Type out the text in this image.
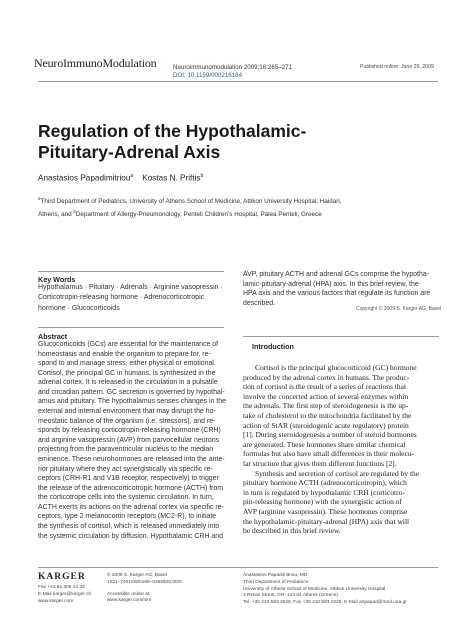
NeuroImmunoModulation	Neuroimmunomodulation 2009;16:265–271
DOI: 10.1159/000216184
Published online: June 29, 2009
Regulation of the Hypothalamic-
Pituitary-Adrenal Axis
Anastasios Papadimitriou$^a$ Kostas N. Priftis$^b$
$^a$Third Department of Pediatrics, University of Athens School of Medicine, Attikon University Hospital, Haidari,
Athens, and $^b$Department of Allergy-Pneumonology, Penteli Children’s Hospital, Palea Penteli, Greece
Key Words
Hypothalamus · Pituitary · Adrenals · Arginine vasopressin ·
Corticotropin-releasing hormone · Adrenocorticotropic
hormone · Glucocorticoids
Abstract
Glucocorticoids (GCs) are essential for the maintenance of
homeostasis and enable the organism to prepare for, re-
spond to and manage stress, either physical or emotional.
Cortisol, the principal GC in humans, is synthesized in the
adrenal cortex. It is released in the circulation in a pulsatile
and circadian pattern. GC secretion is governed by hypothal-
amus and pituitary. The hypothalamus senses changes in the
external and internal environment that may disrupt the ho-
meostatic balance of the organism (i.e. stressors), and re-
sponds by releasing corticotropin-releasing hormone (CRH)
and arginine vasopressin (AVP) from parvocellular neurons
projecting from the paraventricular nucleus to the median
eminence. These neurohormones are released into the ante-
rior pituitary where they act synergistically via specific re-
ceptors (CRH-R1 and V1B receptor, respectively) to trigger
the release of the adrenocorticotropic hormone (ACTH) from
the corticotrope cells into the systemic circulation. In turn,
ACTH exerts its actions on the adrenal cortex via specific re-
ceptors, type 2 melanocortin receptors (MC2-R), to initiate
the synthesis of cortisol, which is released immediately into
the systemic circulation by diffusion. Hypothalamic CRH and
AVP, pituitary ACTH and adrenal GCs comprise the hypotha-
lamic-pituitary-adrenal (HPA) axis. In this brief review, the
HPA axis and the various factors that regulate its function are
described.
Copyright © 2009 S. Karger AG, Basel
Introduction
Cortisol is the principal glucocorticoid (GC) hormone
produced by the adrenal cortex in humans. The produc-
tion of cortisol is the result of a series of reactions that
involve the concerted action of several enzymes within
the adrenals. The first step of steroidogenesis is the up-
take of cholesterol to the mitochondria facilitated by the
action of StAR (steroidogenic acute regulatory) protein
[1]. During steroidogenesis a number of steroid hormones
are generated. These hormones share similar chemical
formulas but also have small differences in their molecu-
lar structure that gives them different functions [2].
Synthesis and secretion of cortisol are regulated by the
pituitary hormone ACTH (adrenocorticotropin), which
in turn is regulated by hypothalamic CRH (corticotro-
pin-releasing hormone) with the synergistic action of
AVP (arginine vasopressin). These hormones comprise
the hypothalamic-pituitary-adrenal (HPA) axis that will
be described in this brief review.
KARGER
Fax +41 61 306 12 34
E-Mail karger@karger.ch
www.karger.com
© 2009 S. Karger AG, Basel
1021–7401/09/0165–0265$26.00/0
Accessible online at:
www.karger.com/nim
Anastasios Papadimitriou, MD
Third Department of Pediatrics
University of Athens School of Medicine, Attikon University Hospital
1 Rimini Street, GR–124 64 Athens (Greece)
Tel. +30 210 583 2046, Fax +30 210 583 2229, E-Mail anpapad@med.uoa.gr
